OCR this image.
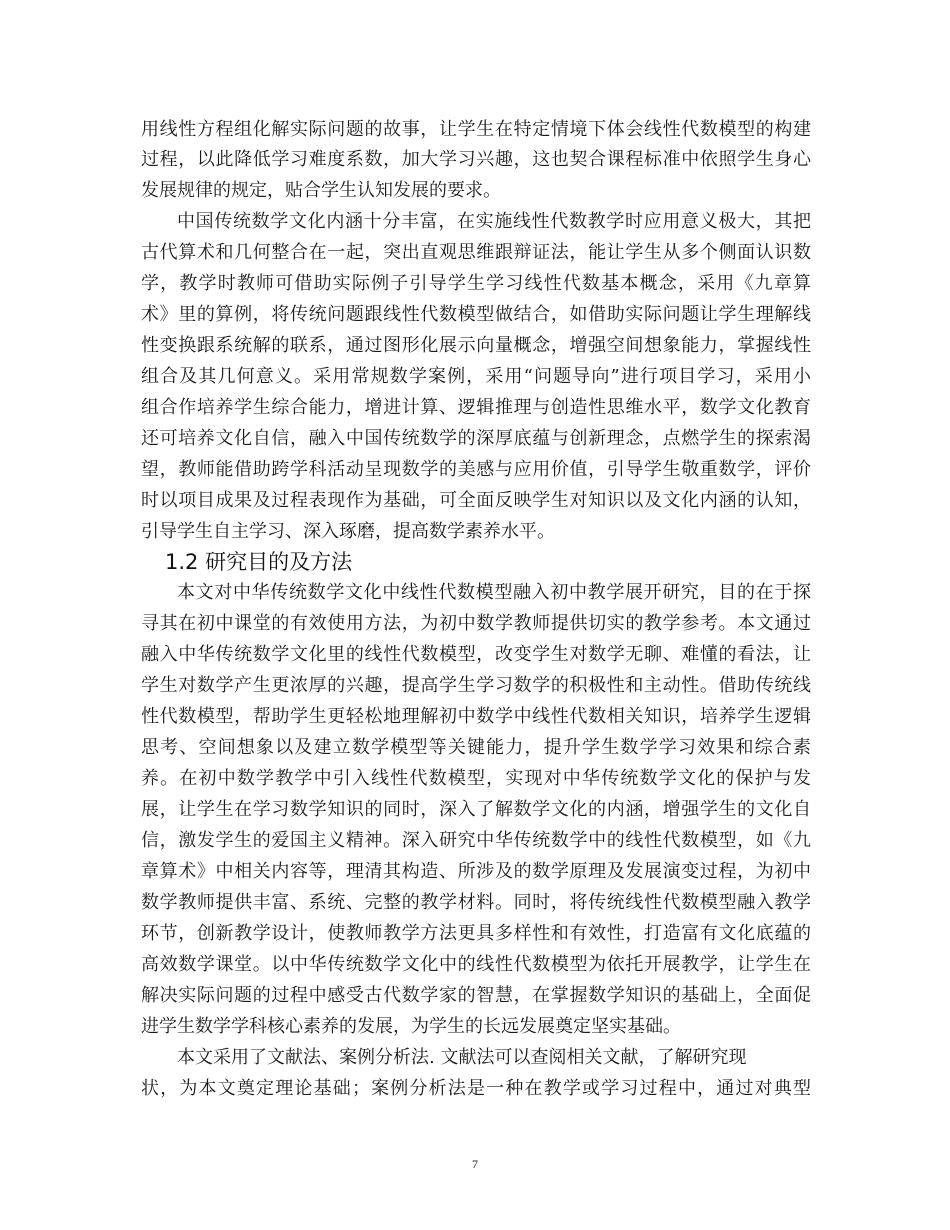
用线性方程组化解实际问题的故事，让学生在特定情境下体会线性代数模型的构建
过程，以此降低学习难度系数，加大学习兴趣，这也契合课程标准中依照学生身心
发展规律的规定，贴合学生认知发展的要求。
中国传统数学文化内涵十分丰富，在实施线性代数教学时应用意义极大，其把
古代算术和几何整合在一起，突出直观思维跟辩证法，能让学生从多个侧面认识数
学，教学时教师可借助实际例子引导学生学习线性代数基本概念，采用《九章算
术》里的算例，将传统问题跟线性代数模型做结合，如借助实际问题让学生理解线
性变换跟系统解的联系，通过图形化展示向量概念，增强空间想象能力，掌握线性
组合及其几何意义。采用常规数学案例，采用“问题导向”进行项目学习，采用小
组合作培养学生综合能力，增进计算、逻辑推理与创造性思维水平，数学文化教育
还可培养文化自信，融入中国传统数学的深厚底蕴与创新理念，点燃学生的探索渴
望，教师能借助跨学科活动呈现数学的美感与应用价值，引导学生敬重数学，评价
时以项目成果及过程表现作为基础，可全面反映学生对知识以及文化内涵的认知，
引导学生自主学习、深入琢磨，提高数学素养水平。
1.2 研究目的及方法
本文对中华传统数学文化中线性代数模型融入初中教学展开研究，目的在于探
寻其在初中课堂的有效使用方法，为初中数学教师提供切实的教学参考。本文通过
融入中华传统数学文化里的线性代数模型，改变学生对数学无聊、难懂的看法，让
学生对数学产生更浓厚的兴趣，提高学生学习数学的积极性和主动性。借助传统线
性代数模型，帮助学生更轻松地理解初中数学中线性代数相关知识，培养学生逻辑
思考、空间想象以及建立数学模型等关键能力，提升学生数学学习效果和综合素
养。在初中数学教学中引入线性代数模型，实现对中华传统数学文化的保护与发
展，让学生在学习数学知识的同时，深入了解数学文化的内涵，增强学生的文化自
信，激发学生的爱国主义精神。深入研究中华传统数学中的线性代数模型，如《九
章算术》中相关内容等，理清其构造、所涉及的数学原理及发展演变过程，为初中
数学教师提供丰富、系统、完整的教学材料。同时，将传统线性代数模型融入教学
环节，创新教学设计，使教师教学方法更具多样性和有效性，打造富有文化底蕴的
高效数学课堂。以中华传统数学文化中的线性代数模型为依托开展教学，让学生在
解决实际问题的过程中感受古代数学家的智慧，在掌握数学知识的基础上，全面促
进学生数学学科核心素养的发展，为学生的长远发展奠定坚实基础。
本文采用了文献法、案例分析法. 文献法可以查阅相关文献，了解研究现
状，为本文奠定理论基础；案例分析法是一种在教学或学习过程中，通过对典型
7
